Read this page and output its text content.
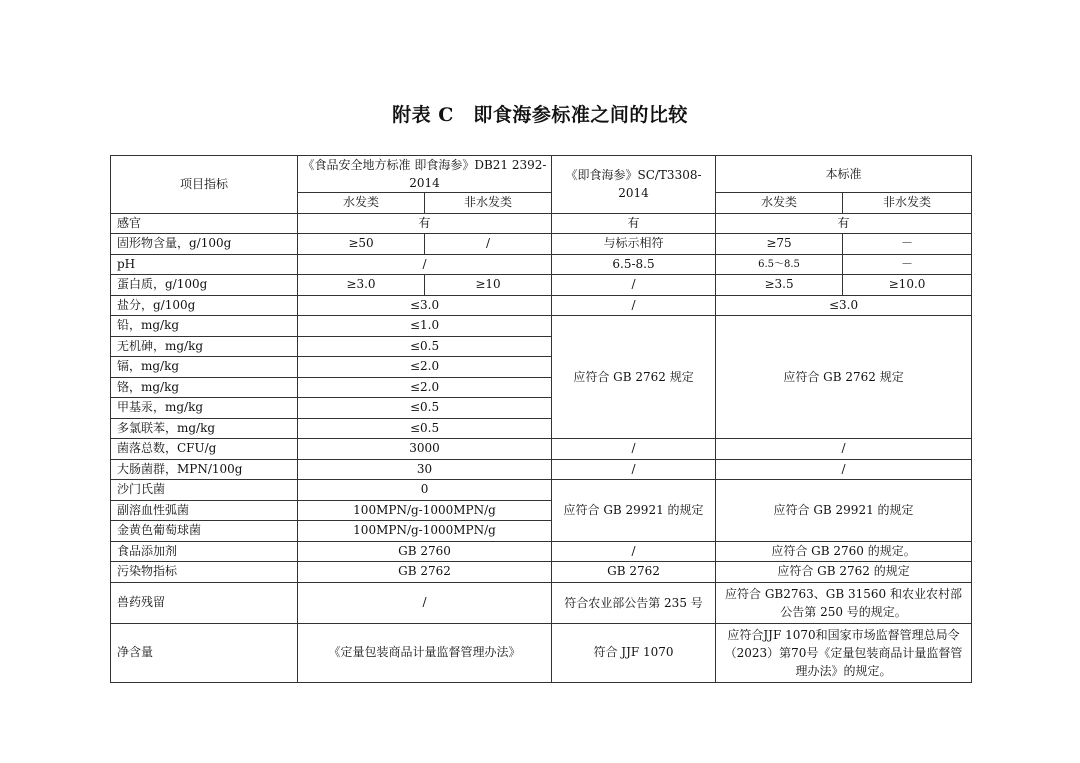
附表 C　即食海参标准之间的比较
项目指标	《食品安全地方标准 即食海参》DB21 2392-2014		《即食海参》SC/T3308-2014	本标准	
	水发类	非水发类		水发类	非水发类
感官	有		有	有	
固形物含量，g/100g	≥50	/	与标示相符	≥75	－
pH	/		6.5-8.5	6.5～8.5	－
蛋白质，g/100g	≥3.0	≥10	/	≥3.5	≥10.0
盐分，g/100g	≤3.0		/	≤3.0	
铅，mg/kg	≤1.0		应符合 GB 2762 规定	应符合 GB 2762 规定	
无机砷，mg/kg	≤0.5				
镉，mg/kg	≤2.0				
铬，mg/kg	≤2.0				
甲基汞，mg/kg	≤0.5				
多氯联苯，mg/kg	≤0.5				
菌落总数，CFU/g	3000		/	/	
大肠菌群，MPN/100g	30		/	/	
沙门氏菌	0		应符合 GB 29921 的规定	应符合 GB 29921 的规定	
副溶血性弧菌	100MPN/g-1000MPN/g				
金黄色葡萄球菌	100MPN/g-1000MPN/g				
食品添加剂	GB 2760		/	应符合 GB 2760 的规定。	
污染物指标	GB 2762		GB 2762	应符合 GB 2762 的规定	
兽药残留	/		符合农业部公告第 235 号	应符合 GB2763、GB 31560 和农业农村部公告第 250 号的规定。	
净含量	《定量包装商品计量监督管理办法》		符合 JJF 1070	应符合JJF 1070和国家市场监督管理总局令（2023）第70号《定量包装商品计量监督管理办法》的规定。	
